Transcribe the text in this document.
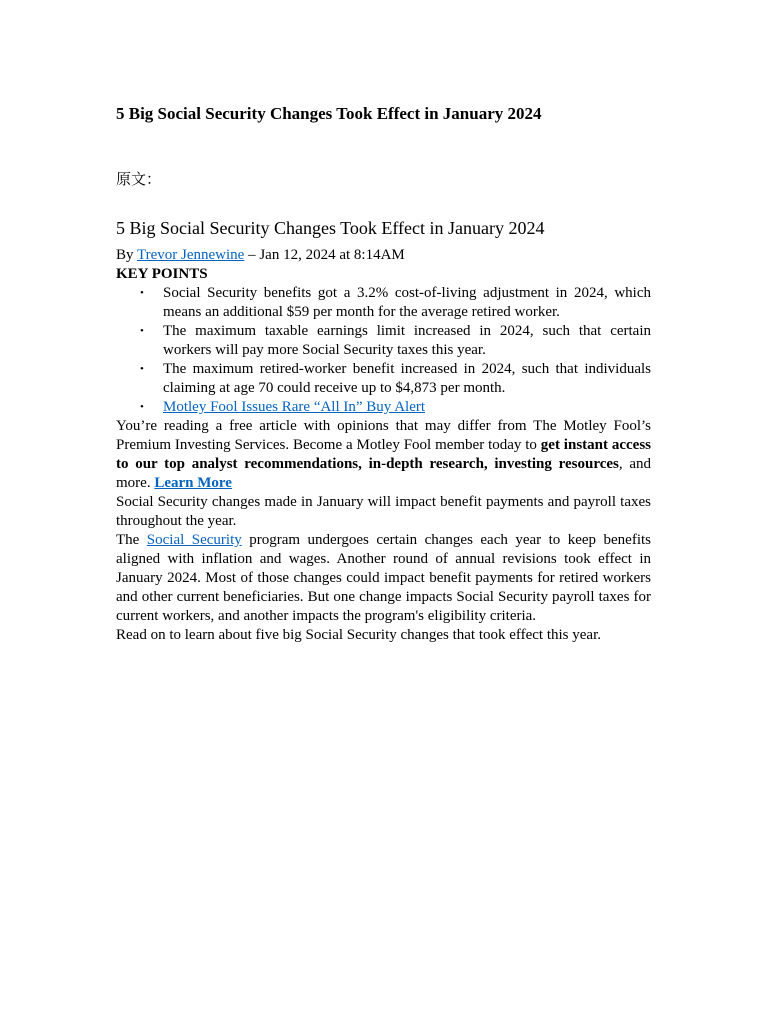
5 Big Social Security Changes Took Effect in January 2024

原文：

5 Big Social Security Changes Took Effect in January 2024

By Trevor Jennewine – Jan 12, 2024 at 8:14AM

KEY POINTS

• Social Security benefits got a 3.2% cost-of-living adjustment in 2024, which means an additional $59 per month for the average retired worker.
• The maximum taxable earnings limit increased in 2024, such that certain workers will pay more Social Security taxes this year.
• The maximum retired-worker benefit increased in 2024, such that individuals claiming at age 70 could receive up to $4,873 per month.
• Motley Fool Issues Rare “All In” Buy Alert

You’re reading a free article with opinions that may differ from The Motley Fool’s Premium Investing Services. Become a Motley Fool member today to get instant access to our top analyst recommendations, in-depth research, investing resources, and more. Learn More

Social Security changes made in January will impact benefit payments and payroll taxes throughout the year.

The Social Security program undergoes certain changes each year to keep benefits aligned with inflation and wages. Another round of annual revisions took effect in January 2024. Most of those changes could impact benefit payments for retired workers and other current beneficiaries. But one change impacts Social Security payroll taxes for current workers, and another impacts the program's eligibility criteria.

Read on to learn about five big Social Security changes that took effect this year.
